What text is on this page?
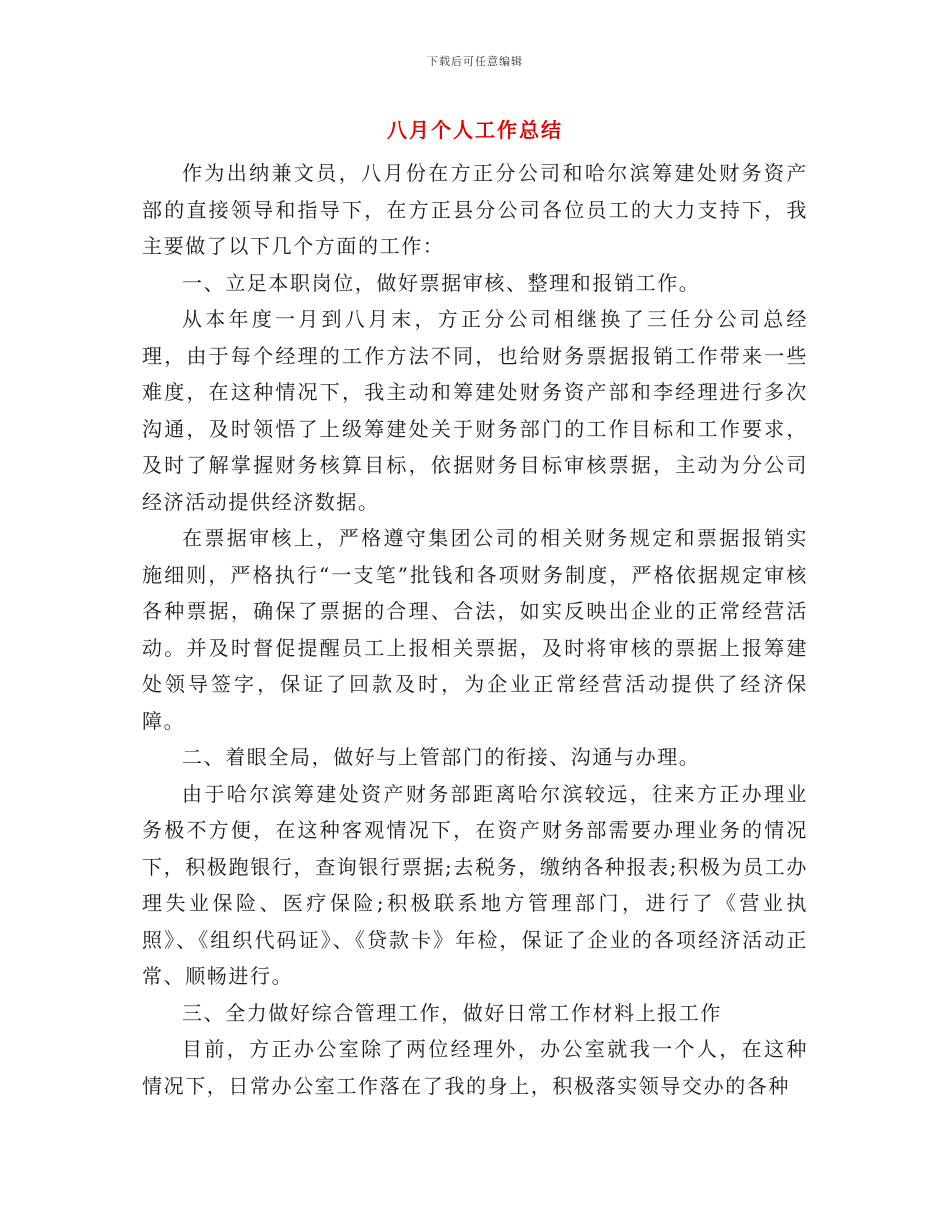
下载后可任意编辑
八月个人工作总结

作为出纳兼文员，八月份在方正分公司和哈尔滨筹建处财务资产部的直接领导和指导下，在方正县分公司各位员工的大力支持下，我主要做了以下几个方面的工作：

一、立足本职岗位，做好票据审核、整理和报销工作。

从本年度一月到八月末，方正分公司相继换了三任分公司总经理，由于每个经理的工作方法不同，也给财务票据报销工作带来一些难度，在这种情况下，我主动和筹建处财务资产部和李经理进行多次沟通，及时领悟了上级筹建处关于财务部门的工作目标和工作要求，及时了解掌握财务核算目标，依据财务目标审核票据，主动为分公司经济活动提供经济数据。

在票据审核上，严格遵守集团公司的相关财务规定和票据报销实施细则，严格执行“一支笔”批钱和各项财务制度，严格依据规定审核各种票据，确保了票据的合理、合法，如实反映出企业的正常经营活动。并及时督促提醒员工上报相关票据，及时将审核的票据上报筹建处领导签字，保证了回款及时，为企业正常经营活动提供了经济保障。

二、着眼全局，做好与上管部门的衔接、沟通与办理。

由于哈尔滨筹建处资产财务部距离哈尔滨较远，往来方正办理业务极不方便，在这种客观情况下，在资产财务部需要办理业务的情况下，积极跑银行，查询银行票据;去税务，缴纳各种报表;积极为员工办理失业保险、医疗保险;积极联系地方管理部门，进行了《营业执照》、《组织代码证》、《贷款卡》年检，保证了企业的各项经济活动正常、顺畅进行。

三、全力做好综合管理工作，做好日常工作材料上报工作

目前，方正办公室除了两位经理外，办公室就我一个人，在这种情况下，日常办公室工作落在了我的身上，积极落实领导交办的各种
